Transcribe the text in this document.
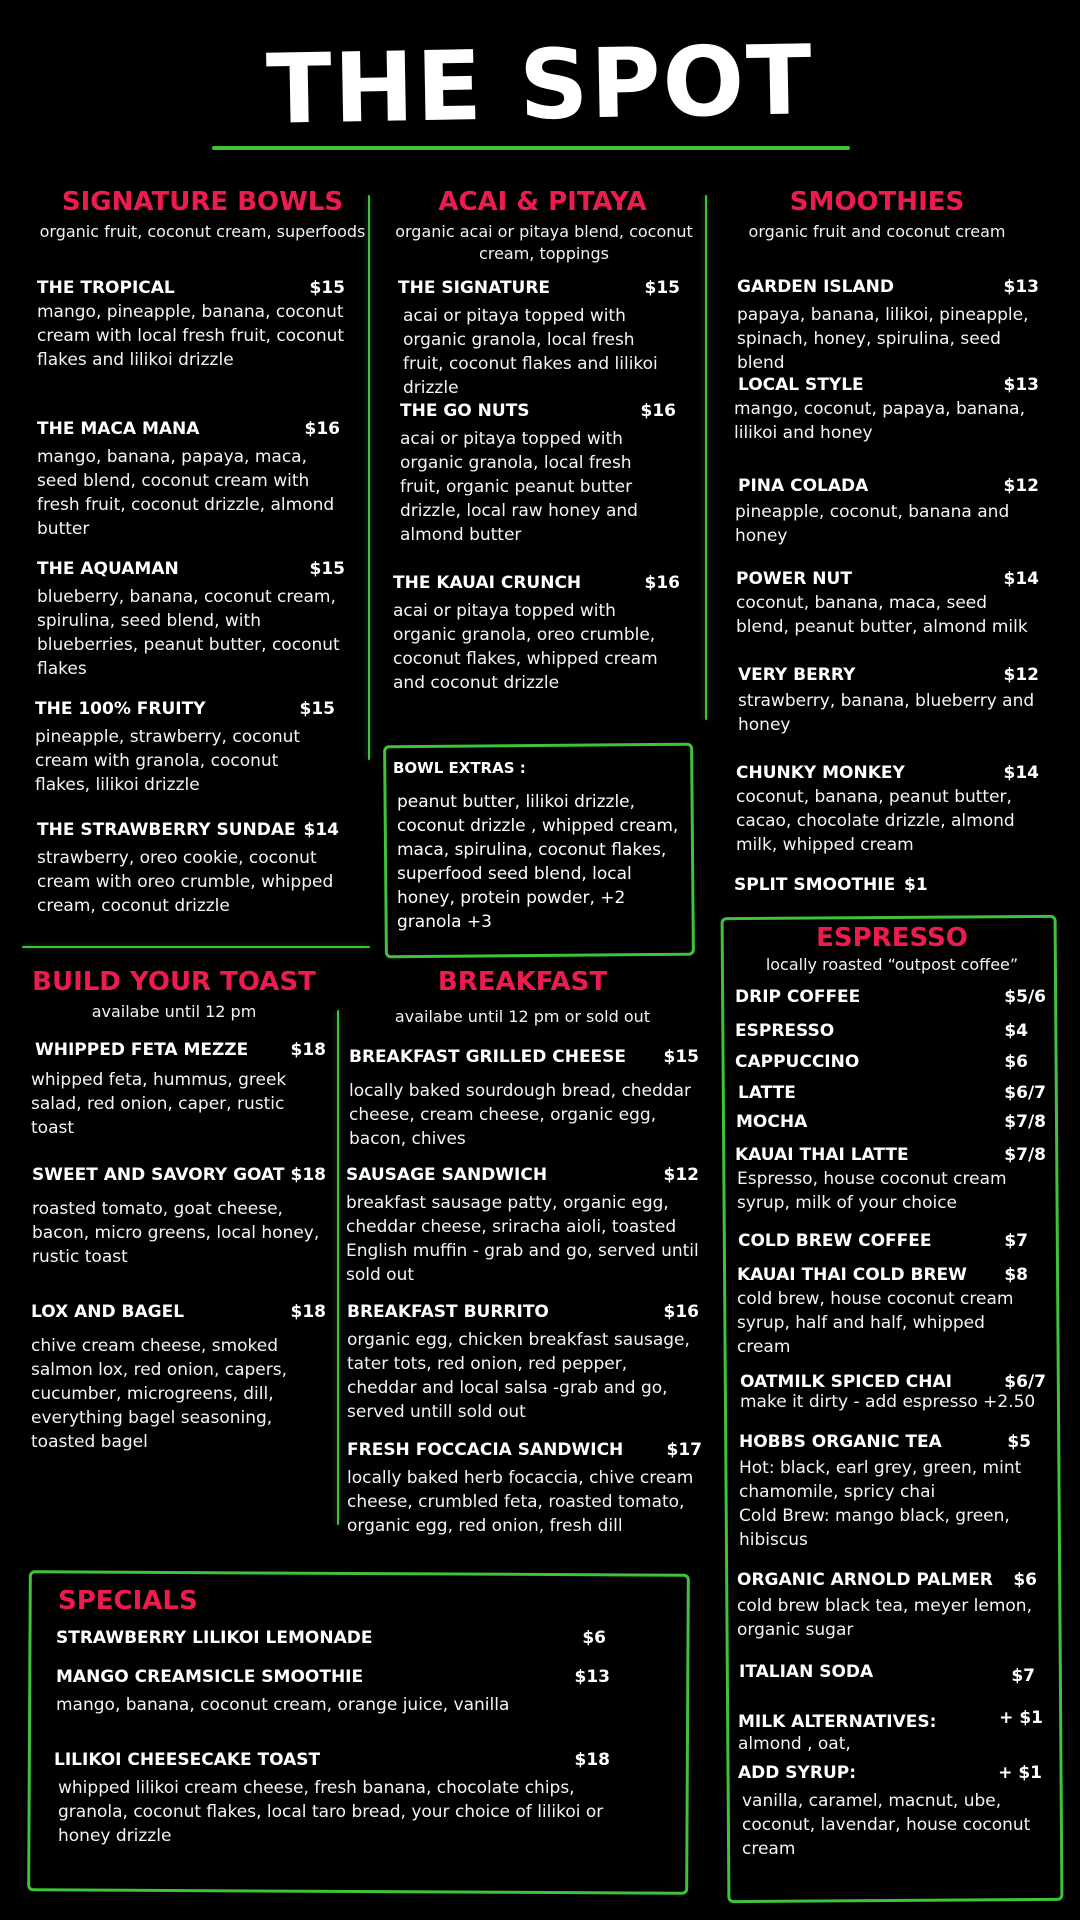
THE SPOT
SIGNATURE BOWLS
organic fruit, coconut cream, superfoods
THE TROPICAL	$15
mango, pineapple, banana, coconut cream with local fresh fruit, coconut flakes and lilikoi drizzle
THE MACA MANA	$16
mango, banana, papaya, maca, seed blend, coconut cream with fresh fruit, coconut drizzle, almond butter
THE AQUAMAN	$15
blueberry, banana, coconut cream, spirulina, seed blend, with blueberries, peanut butter, coconut flakes
THE 100% FRUITY	$15
pineapple, strawberry, coconut cream with granola, coconut flakes, lilikoi drizzle
THE STRAWBERRY SUNDAE $14
strawberry, oreo cookie, coconut cream with oreo crumble, whipped cream, coconut drizzle
ACAI & PITAYA
organic acai or pitaya blend, coconut cream, toppings
THE SIGNATURE	$15
acai or pitaya topped with organic granola, local fresh fruit, coconut flakes and lilikoi drizzle
THE GO NUTS	$16
acai or pitaya topped with organic granola, local fresh fruit, organic peanut butter drizzle, local raw honey and almond butter
THE KAUAI CRUNCH	$16
acai or pitaya topped with organic granola, oreo crumble, coconut flakes, whipped cream and coconut drizzle
BOWL EXTRAS :
peanut butter, lilikoi drizzle, coconut drizzle , whipped cream, maca, spirulina, coconut flakes, superfood seed blend, local honey, protein powder, +2 granola +3
SMOOTHIES
organic fruit and coconut cream
GARDEN ISLAND	$13
papaya, banana, lilikoi, pineapple, spinach, honey, spirulina, seed blend
LOCAL STYLE	$13
mango, coconut, papaya, banana, lilikoi and honey
PINA COLADA	$12
pineapple, coconut, banana and honey
POWER NUT	$14
coconut, banana, maca, seed blend, peanut butter, almond milk
VERY BERRY	$12
strawberry, banana, blueberry and honey
CHUNKY MONKEY	$14
coconut, banana, peanut butter, cacao, chocolate drizzle, almond milk, whipped cream
SPLIT SMOOTHIE $1
BUILD YOUR TOAST
availabe until 12 pm
WHIPPED FETA MEZZE	$18
whipped feta, hummus, greek salad, red onion, caper, rustic toast
SWEET AND SAVORY GOAT $18
roasted tomato, goat cheese, bacon, micro greens, local honey, rustic toast
LOX AND BAGEL	$18
chive cream cheese, smoked salmon lox, red onion, capers, cucumber, microgreens, dill, everything bagel seasoning, toasted bagel
BREAKFAST
availabe until 12 pm or sold out
BREAKFAST GRILLED CHEESE	$15
locally baked sourdough bread, cheddar cheese, cream cheese, organic egg, bacon, chives
SAUSAGE SANDWICH	$12
breakfast sausage patty, organic egg, cheddar cheese, sriracha aioli, toasted English muffin - grab and go, served until sold out
BREAKFAST BURRITO	$16
organic egg, chicken breakfast sausage, tater tots, red onion, red pepper, cheddar and local salsa -grab and go, served untill sold out
FRESH FOCCACIA SANDWICH	$17
locally baked herb focaccia, chive cream cheese, crumbled feta, roasted tomato, organic egg, red onion, fresh dill
SPECIALS
STRAWBERRY LILIKOI LEMONADE	$6
MANGO CREAMSICLE SMOOTHIE	$13
mango, banana, coconut cream, orange juice, vanilla
LILIKOI CHEESECAKE TOAST	$18
whipped lilikoi cream cheese, fresh banana, chocolate chips, granola, coconut flakes, local taro bread, your choice of lilikoi or honey drizzle
ESPRESSO
locally roasted “outpost coffee”
DRIP COFFEE	$5/6
ESPRESSO	$4
CAPPUCCINO	$6
LATTE	$6/7
MOCHA	$7/8
KAUAI THAI LATTE	$7/8
Espresso, house coconut cream syrup, milk of your choice
COLD BREW COFFEE	$7
KAUAI THAI COLD BREW	$8
cold brew, house coconut cream syrup, half and half, whipped cream
OATMILK SPICED CHAI	$6/7
make it dirty - add espresso +2.50
HOBBS ORGANIC TEA	$5
Hot: black, earl grey, green, mint chamomile, spricy chai
Cold Brew: mango black, green, hibiscus
ORGANIC ARNOLD PALMER	$6
cold brew black tea, meyer lemon, organic sugar
ITALIAN SODA	$7
MILK ALTERNATIVES:	+ $1
almond , oat,
ADD SYRUP:	+ $1
vanilla, caramel, macnut, ube, coconut, lavendar, house coconut cream
